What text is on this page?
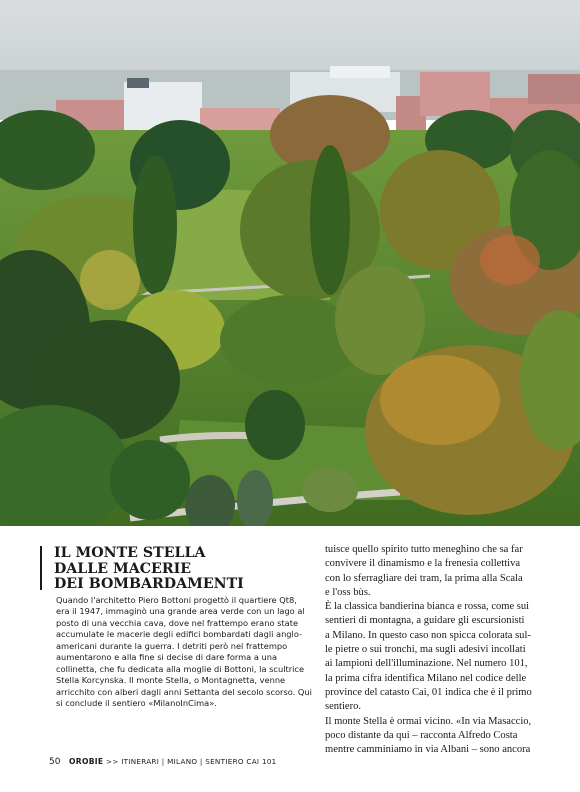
IL MONTE STELLA
DALLE MACERIE
DEI BOMBARDAMENTI
Quando l'architetto Piero Bottoni progettò il quartiere Qt8,
era il 1947, immaginò una grande area verde con un lago al
posto di una vecchia cava, dove nel frattempo erano state
accumulate le macerie degli edifici bombardati dagli anglo-
americani durante la guerra. I detriti però nel frattempo
aumentarono e alla fine si decise di dare forma a una
collinetta, che fu dedicata alla moglie di Bottoni, la scultrice
Stella Korcynska. Il monte Stella, o Montagnetta, venne
arricchito con alberi dagli anni Settanta del secolo scorso. Qui
si conclude il sentiero «MilanoInCima».
tuisce quello spirito tutto meneghino che sa far
convivere il dinamismo e la frenesia collettiva
con lo sferragliare dei tram, la prima alla Scala
e l'oss bùs.
È la classica bandierina bianca e rossa, come sui
sentieri di montagna, a guidare gli escursionisti
a Milano. In questo caso non spicca colorata sul-
le pietre o sui tronchi, ma sugli adesivi incollati
ai lampioni dell'illuminazione. Nel numero 101,
la prima cifra identifica Milano nel codice delle
province del catasto Cai, 01 indica che è il primo
sentiero.
Il monte Stella è ormai vicino. «In via Masaccio,
poco distante da qui – racconta Alfredo Costa
mentre camminiamo in via Albani – sono ancora
50 OROBIE >> ITINERARI | MILANO | SENTIERO CAI 101
